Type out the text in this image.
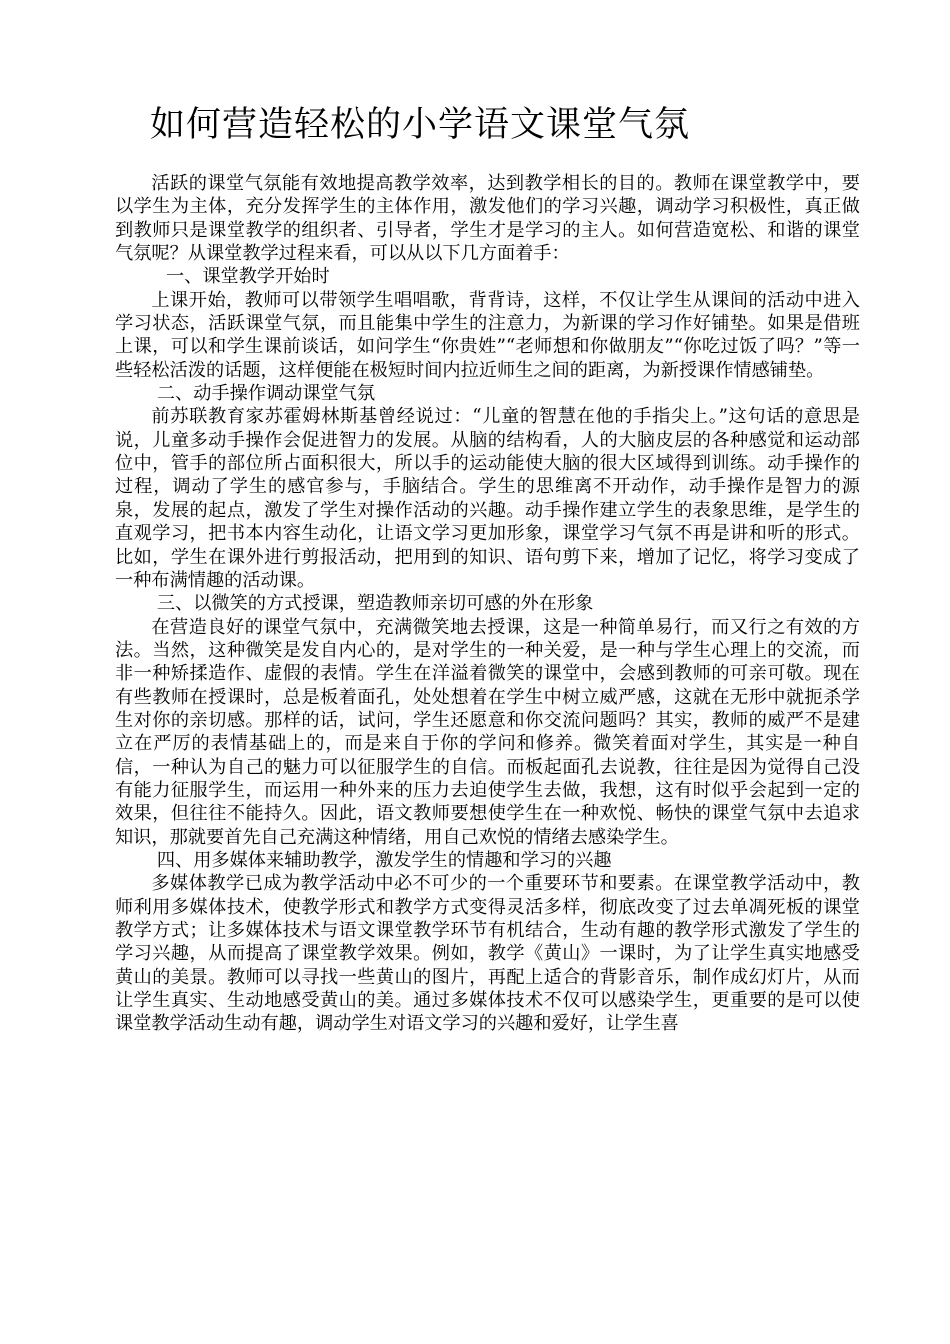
如何营造轻松的小学语文课堂气氛

活跃的课堂气氛能有效地提高教学效率，达到教学相长的目的。教师在课堂教学中，要以学生为主体，充分发挥学生的主体作用，激发他们的学习兴趣，调动学习积极性，真正做到教师只是课堂教学的组织者、引导者，学生才是学习的主人。如何营造宽松、和谐的课堂气氛呢？从课堂教学过程来看，可以从以下几方面着手：

一、课堂教学开始时

上课开始，教师可以带领学生唱唱歌，背背诗，这样，不仅让学生从课间的活动中进入学习状态，活跃课堂气氛，而且能集中学生的注意力，为新课的学习作好铺垫。如果是借班上课，可以和学生课前谈话，如问学生“你贵姓”“老师想和你做朋友”“你吃过饭了吗？”等一些轻松活泼的话题，这样便能在极短时间内拉近师生之间的距离，为新授课作情感铺垫。

二、动手操作调动课堂气氛

前苏联教育家苏霍姆林斯基曾经说过：“儿童的智慧在他的手指尖上。”这句话的意思是说，儿童多动手操作会促进智力的发展。从脑的结构看，人的大脑皮层的各种感觉和运动部位中，管手的部位所占面积很大，所以手的运动能使大脑的很大区域得到训练。动手操作的过程，调动了学生的感官参与，手脑结合。学生的思维离不开动作，动手操作是智力的源泉，发展的起点，激发了学生对操作活动的兴趣。动手操作建立学生的表象思维，是学生的直观学习，把书本内容生动化，让语文学习更加形象，课堂学习气氛不再是讲和听的形式。比如，学生在课外进行剪报活动，把用到的知识、语句剪下来，增加了记忆，将学习变成了一种布满情趣的活动课。

三、以微笑的方式授课，塑造教师亲切可感的外在形象

在营造良好的课堂气氛中，充满微笑地去授课，这是一种简单易行，而又行之有效的方法。当然，这种微笑是发自内心的，是对学生的一种关爱，是一种与学生心理上的交流，而非一种矫揉造作、虚假的表情。学生在洋溢着微笑的课堂中，会感到教师的可亲可敬。现在有些教师在授课时，总是板着面孔，处处想着在学生中树立威严感，这就在无形中就扼杀学生对你的亲切感。那样的话，试问，学生还愿意和你交流问题吗？其实，教师的威严不是建立在严厉的表情基础上的，而是来自于你的学问和修养。微笑着面对学生，其实是一种自信，一种认为自己的魅力可以征服学生的自信。而板起面孔去说教，往往是因为觉得自己没有能力征服学生，而运用一种外来的压力去迫使学生去做，我想，这有时似乎会起到一定的效果，但往往不能持久。因此，语文教师要想使学生在一种欢悦、畅快的课堂气氛中去追求知识，那就要首先自己充满这种情绪，用自己欢悦的情绪去感染学生。

四、用多媒体来辅助教学，激发学生的情趣和学习的兴趣

多媒体教学已成为教学活动中必不可少的一个重要环节和要素。在课堂教学活动中，教师利用多媒体技术，使教学形式和教学方式变得灵活多样，彻底改变了过去单凋死板的课堂教学方式；让多媒体技术与语文课堂教学环节有机结合，生动有趣的教学形式激发了学生的学习兴趣，从而提高了课堂教学效果。例如，教学《黄山》一课时，为了让学生真实地感受黄山的美景。教师可以寻找一些黄山的图片，再配上适合的背影音乐，制作成幻灯片，从而让学生真实、生动地感受黄山的美。通过多媒体技术不仅可以感染学生，更重要的是可以使课堂教学活动生动有趣，调动学生对语文学习的兴趣和爱好，让学生喜
